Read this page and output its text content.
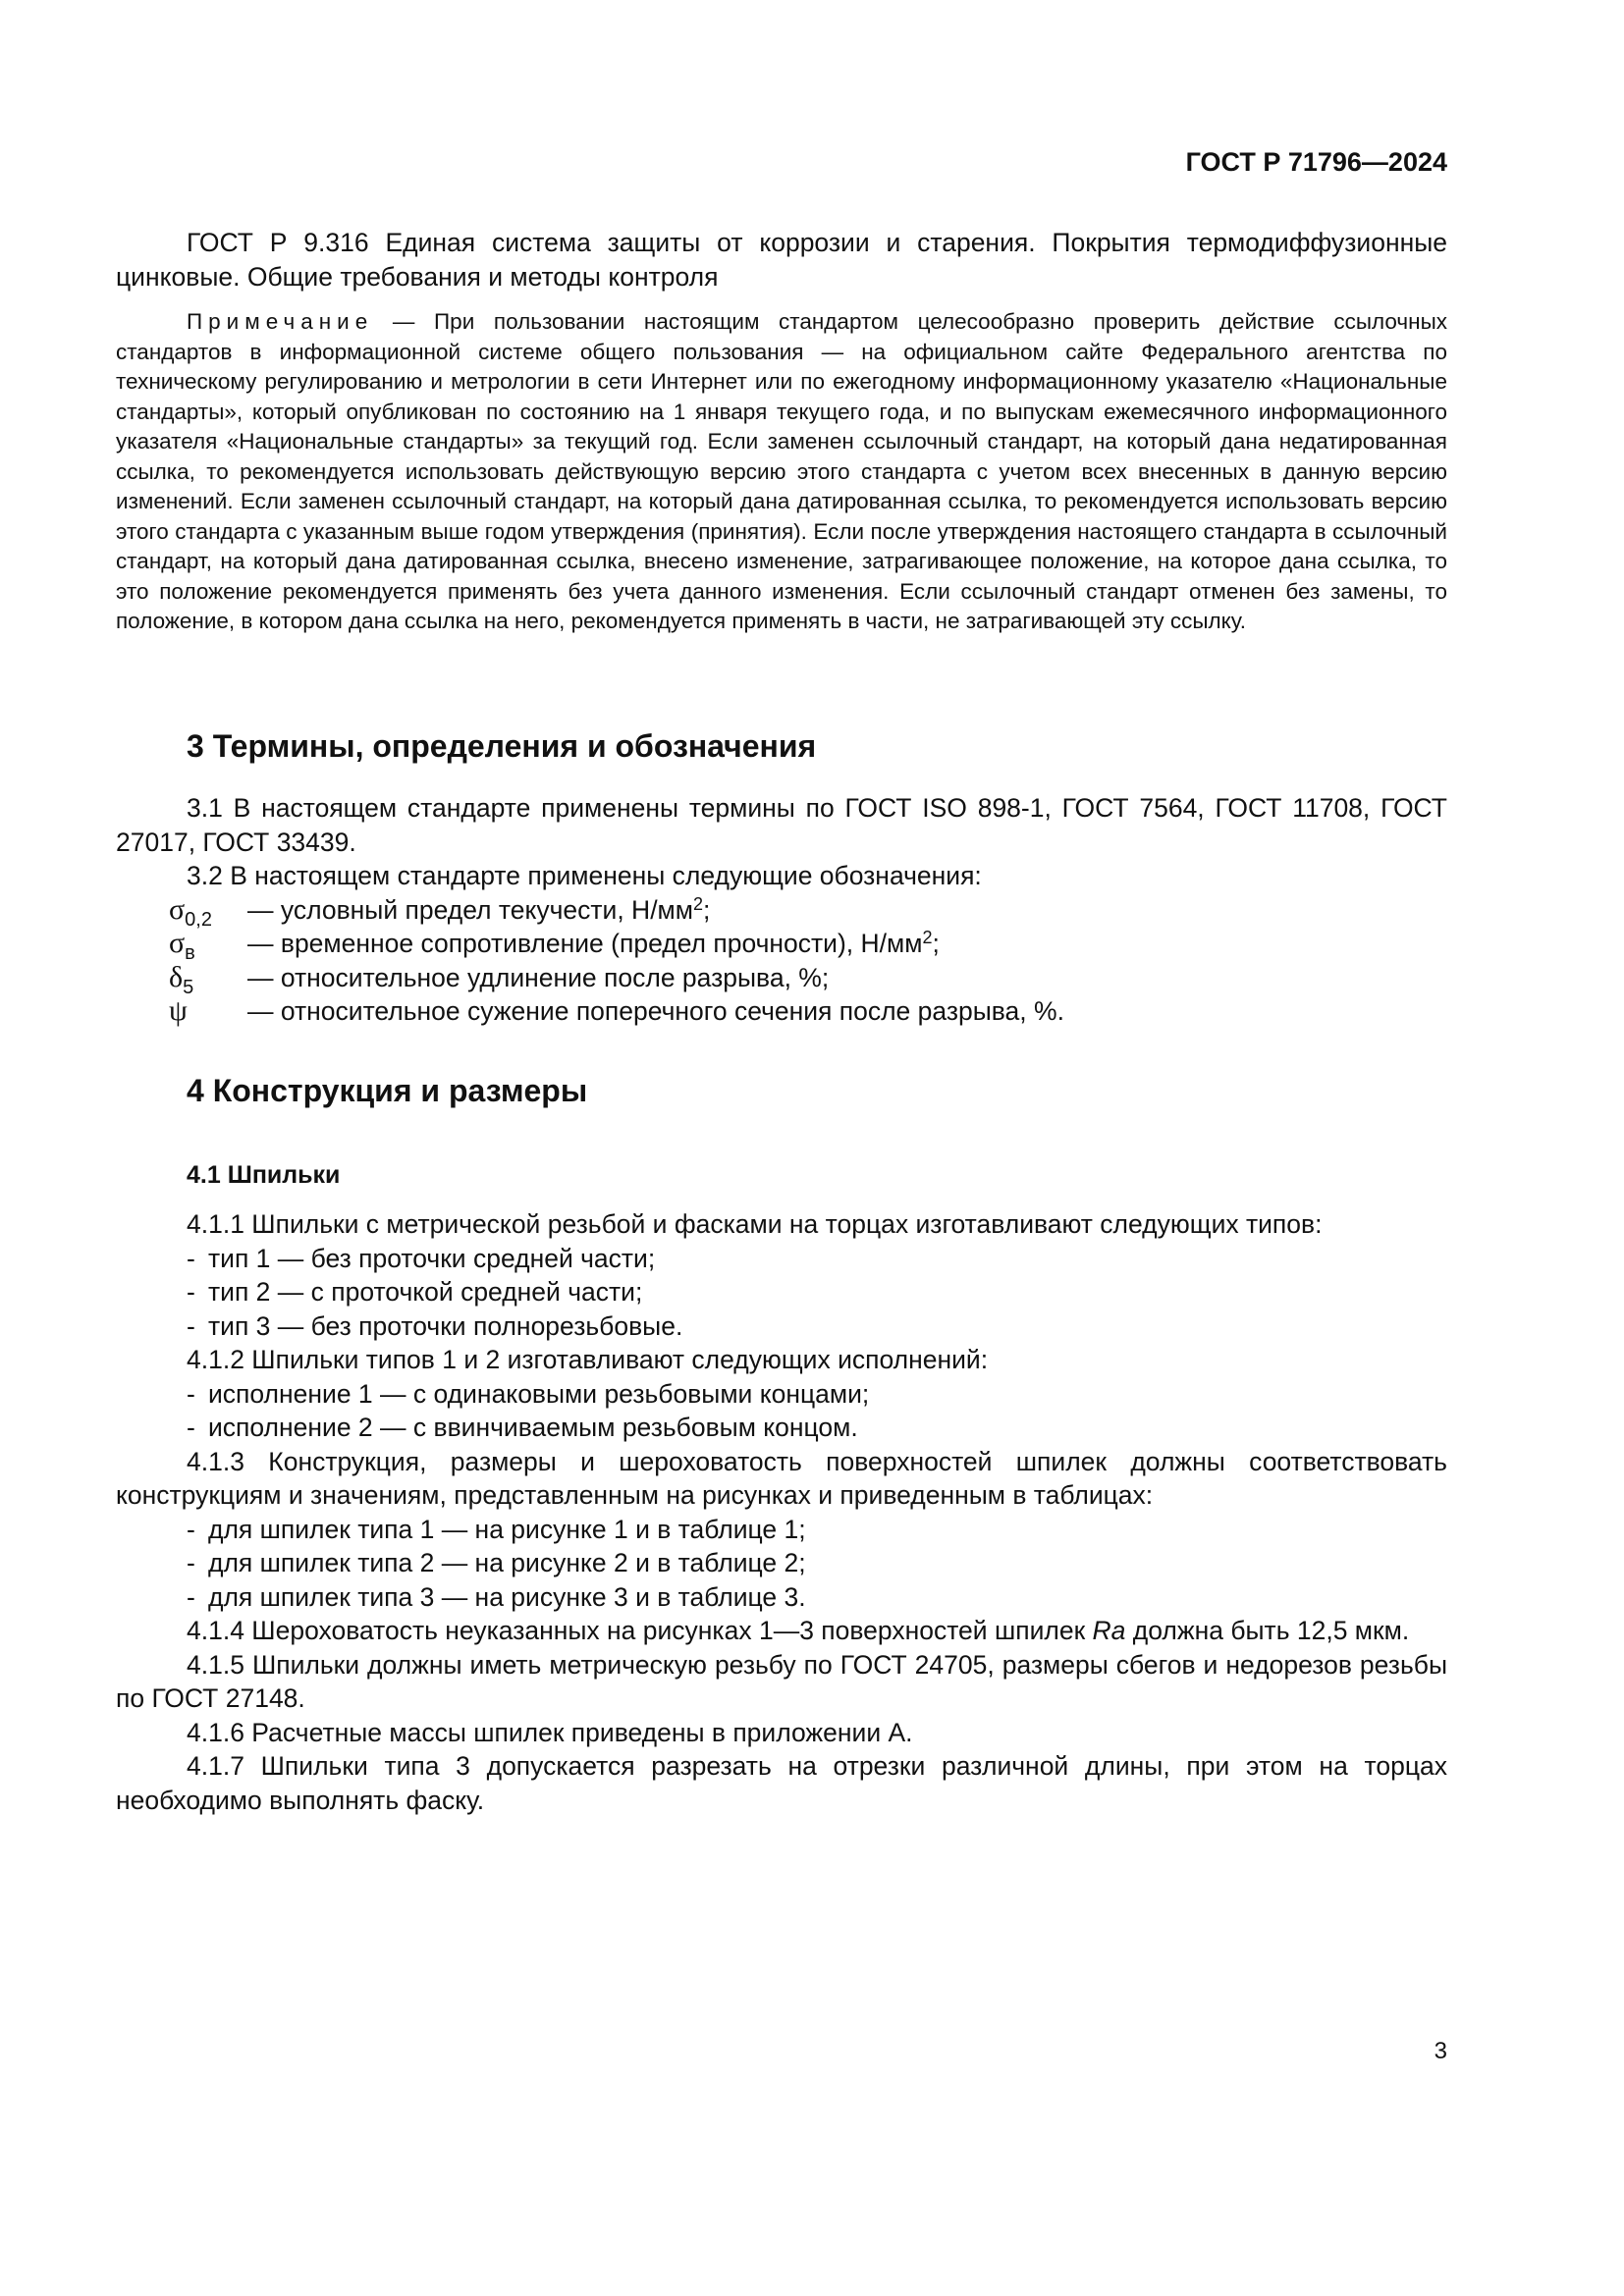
ГОСТ Р 71796—2024

ГОСТ Р 9.316 Единая система защиты от коррозии и старения. Покрытия термодиффузионные цинковые. Общие требования и методы контроля

Примечание — При пользовании настоящим стандартом целесообразно проверить действие ссылочных стандартов в информационной системе общего пользования — на официальном сайте Федерального агентства по техническому регулированию и метрологии в сети Интернет или по ежегодному информационному указателю «Национальные стандарты», который опубликован по состоянию на 1 января текущего года, и по выпускам ежемесячного информационного указателя «Национальные стандарты» за текущий год. Если заменен ссылочный стандарт, на который дана недатированная ссылка, то рекомендуется использовать действующую версию этого стандарта с учетом всех внесенных в данную версию изменений. Если заменен ссылочный стандарт, на который дана датированная ссылка, то рекомендуется использовать версию этого стандарта с указанным выше годом утверждения (принятия). Если после утверждения настоящего стандарта в ссылочный стандарт, на который дана датированная ссылка, внесено изменение, затрагивающее положение, на которое дана ссылка, то это положение рекомендуется применять без учета данного изменения. Если ссылочный стандарт отменен без замены, то положение, в котором дана ссылка на него, рекомендуется применять в части, не затрагивающей эту ссылку.

3 Термины, определения и обозначения

3.1 В настоящем стандарте применены термины по ГОСТ ISO 898-1, ГОСТ 7564, ГОСТ 11708, ГОСТ 27017, ГОСТ 33439.

3.2 В настоящем стандарте применены следующие обозначения:

$\sigma_{0,2}$ — условный предел текучести, $Н/мм^2$;
$\sigma_в$ — временное сопротивление (предел прочности), $Н/мм^2$;
$\delta_5$ — относительное удлинение после разрыва, %;
ψ — относительное сужение поперечного сечения после разрыва, %.
4 Конструкция и размеры
4.1 Шпильки

4.1.1 Шпильки с метрической резьбой и фасками на торцах изготавливают следующих типов:

- тип 1 — без проточки средней части;
- тип 2 — с проточкой средней части;
- тип 3 — без проточки полнорезьбовые.

4.1.2 Шпильки типов 1 и 2 изготавливают следующих исполнений:

- исполнение 1 — с одинаковыми резьбовыми концами;
- исполнение 2 — с ввинчиваемым резьбовым концом.

4.1.3 Конструкция, размеры и шероховатость поверхностей шпилек должны соответствовать конструкциям и значениям, представленным на рисунках и приведенным в таблицах:

- для шпилек типа 1 — на рисунке 1 и в таблице 1;
- для шпилек типа 2 — на рисунке 2 и в таблице 2;
- для шпилек типа 3 — на рисунке 3 и в таблице 3.

4.1.4 Шероховатость неуказанных на рисунках 1—3 поверхностей шпилек Ra должна быть 12,5 мкм.

4.1.5 Шпильки должны иметь метрическую резьбу по ГОСТ 24705, размеры сбегов и недорезов резьбы по ГОСТ 27148.

4.1.6 Расчетные массы шпилек приведены в приложении А.

4.1.7 Шпильки типа 3 допускается разрезать на отрезки различной длины, при этом на торцах необходимо выполнять фаску.

3
